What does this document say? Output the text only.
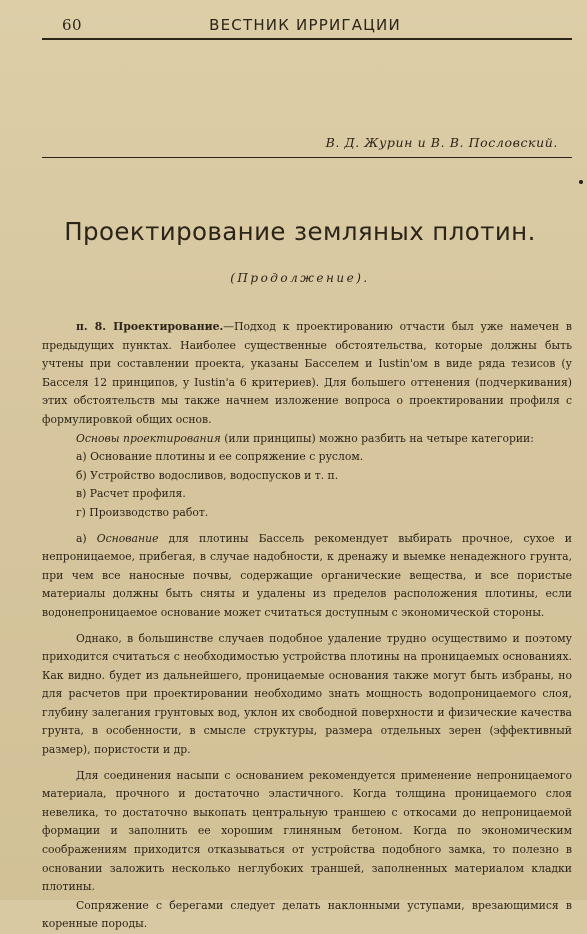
60	ВЕСТНИК ИРРИГАЦИИ
В. Д. Журин и В. В. Пословский.
Проектирование земляных плотин.
(Продолжение).

п. 8. Проектирование.—Подход к проектированию отчасти был уже намечен в предыдущих пунктах. Наиболее существенные обстоятельства, которые должны быть учтены при составлении проекта, указаны Басселем и Iustin'ом в виде ряда тезисов (у Басселя 12 принципов, у Iustin'a 6 критериев). Для большего оттенения (подчеркивания) этих обстоятельств мы также начнем изложение вопроса о проектировании профиля с формулировкой общих основ.

Основы проектирования (или принципы) можно разбить на четыре категории:

а) Основание плотины и ее сопряжение с руслом.

б) Устройство водосливов, водоспусков и т. п.

в) Расчет профиля.

г) Производство работ.

а) Основание для плотины Бассель рекомендует выбирать прочное, сухое и непроницаемое, прибегая, в случае надобности, к дренажу и выемке ненадежного грунта, при чем все наносные почвы, содержащие органические вещества, и все пористые материалы должны быть сняты и удалены из пределов расположения плотины, если водонепроницаемое основание может считаться доступным с экономической стороны.

Однако, в большинстве случаев подобное удаление трудно осуществимо и поэтому приходится считаться с необходимостью устройства плотины на проницаемых основаниях. Как видно. будет из дальнейшего, проницаемые основания также могут быть избраны, но для расчетов при проектировании необходимо знать мощность водопроницаемого слоя, глубину залегания грунтовых вод, уклон их свободной поверхности и физические качества грунта, в особенности, в смысле структуры, размера отдельных зерен (эффективный размер), пористости и др.

Для соединения насыпи с основанием рекомендуется применение непроницаемого материала, прочного и достаточно эластичного. Когда толщина проницаемого слоя невелика, то достаточно выкопать центральную траншею с откосами до непроницаемой формации и заполнить ее хорошим глиняным бетоном. Когда по экономическим соображениям приходится отказываться от устройства подобного замка, то полезно в основании заложить несколько неглубоких траншей, заполненных материалом кладки плотины.

Сопряжение с берегами следует делать наклонными уступами, врезающимися в коренные породы.
